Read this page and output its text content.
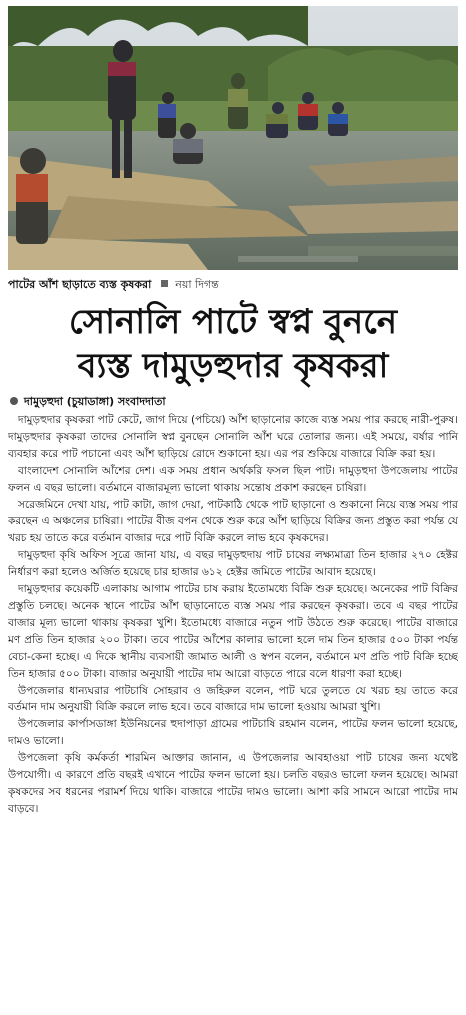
পাটের আঁশ ছাড়াতে ব্যস্ত কৃষকরা নয়া দিগন্ত
সোনালি পাটে স্বপ্ন বুননে
ব্যস্ত দামুড়হুদার কৃষকরা
দামুড়হুদা (চুয়াডাঙ্গা) সংবাদদাতা

দামুড়হুদার কৃষকরা পাট কেটে, জাগ দিয়ে (পচিয়ে) আঁশ ছাড়ানোর কাজে ব্যস্ত সময় পার করছে নারী-পুরুষ। দামুড়হুদার কৃষকরা তাদের সোনালি স্বপ্ন বুনছেন সোনালি আঁশ ঘরে তোলার জন্য। এই সময়ে, বর্ষার পানি ব্যবহার করে পাট পচানো এবং আঁশ ছাড়িয়ে রোদে শুকানো হয়। এর পর শুকিয়ে বাজারে বিক্রি করা হয়।

বাংলাদেশ সোনালি আঁশের দেশ। এক সময় প্রধান অর্থকরি ফসল ছিল পাট। দামুড়হুদা উপজেলায় পাটের ফলন এ বছর ভালো। বর্তমানে বাজারমূল্য ভালো থাকায় সন্তোষ প্রকাশ করছেন চাষিরা।

সরেজমিনে দেখা যায়, পাট কাটা, জাগ দেয়া, পাটকাঠি থেকে পাট ছাড়ানো ও শুকানো নিয়ে ব্যস্ত সময় পার করছেন এ অঞ্চলের চাষিরা। পাটের বীজ বপন থেকে শুরু করে আঁশ ছাড়িয়ে বিক্রির জন্য প্রস্তুত করা পর্যন্ত যে খরচ হয় তাতে করে বর্তমান বাজার দরে পাট বিক্রি করলে লাভ হবে কৃষকদের।

দামুড়হুদা কৃষি অফিস সূত্রে জানা যায়, এ বছর দামুড়হুদায় পাট চাষের লক্ষ্যমাত্রা তিন হাজার ২৭০ হেক্টর নির্ধারণ করা হলেও অর্জিত হয়েছে চার হাজার ৬১২ হেক্টর জমিতে পাটের আবাদ হয়েছে।

দামুড়হুদার কয়েকটি এলাকায় আগাম পাটের চাষ করায় ইতোমধ্যে বিক্রি শুরু হয়েছে। অনেকের পাট বিক্রির প্রস্তুতি চলছে। অনেক স্থানে পাটের আঁশ ছাড়ানোতে ব্যস্ত সময় পার করছেন কৃষকরা। তবে এ বছর পাটের বাজার মূল্য ভালো থাকায় কৃষকরা খুশি। ইতোমধ্যে বাজারে নতুন পাট উঠতে শুরু করেছে। পাটের বাজারে মণ প্রতি তিন হাজার ২০০ টাকা। তবে পাটের আঁশের কালার ভালো হলে দাম তিন হাজার ৫০০ টাকা পর্যন্ত বেচা-কেনা হচ্ছে। এ দিকে স্থানীয় ব্যবসায়ী জামাত আলী ও স্বপন বলেন, বর্তমানে মণ প্রতি পাট বিক্রি হচ্ছে তিন হাজার ৫০০ টাকা। বাজার অনুযায়ী পাটের দাম আরো বাড়তে পারে বলে ধারণা করা হচ্ছে।

উপজেলার ধান্যঘরার পাটচাষি সোহরাব ও জহিরুল বলেন, পাট ঘরে তুলতে যে খরচ হয় তাতে করে বর্তমান দাম অনুযায়ী বিক্রি করলে লাভ হবে। তবে বাজারে দাম ভালো হওয়ায় আমরা খুশি।

উপজেলার কার্পাসডাঙ্গা ইউনিয়নের হুদাপাড়া গ্রামের পাটচাষি রহমান বলেন, পাটের ফলন ভালো হয়েছে, দামও ভালো।

উপজেলা কৃষি কর্মকর্তা শারমিন আক্তার জানান, এ উপজেলার আবহাওয়া পাট চাষের জন্য যথেষ্ট উপযোগী। এ কারণে প্রতি বছরই এখানে পাটের ফলন ভালো হয়। চলতি বছরও ভালো ফলন হয়েছে। আমরা কৃষকদের সব ধরনের পরামর্শ দিয়ে থাকি। বাজারে পাটের দামও ভালো। আশা করি সামনে আরো পাটের দাম বাড়বে।
